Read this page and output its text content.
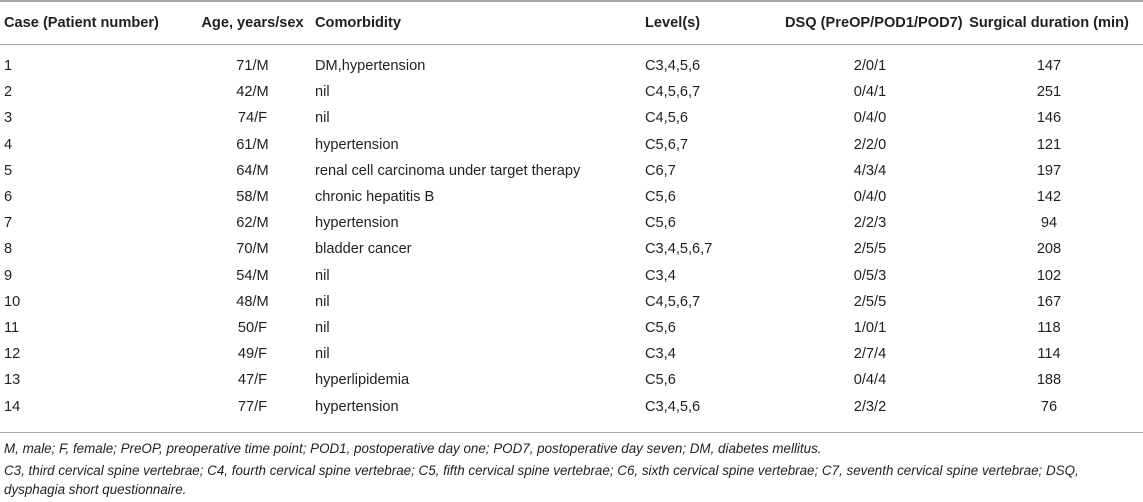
Case (Patient number)	Age, years/sex	Comorbidity	Level(s)	DSQ (PreOP/POD1/POD7)	Surgical duration (min)
1	71/M	DM,hypertension	C3,4,5,6	2/0/1	147
2	42/M	nil	C4,5,6,7	0/4/1	251
3	74/F	nil	C4,5,6	0/4/0	146
4	61/M	hypertension	C5,6,7	2/2/0	121
5	64/M	renal cell carcinoma under target therapy	C6,7	4/3/4	197
6	58/M	chronic hepatitis B	C5,6	0/4/0	142
7	62/M	hypertension	C5,6	2/2/3	94
8	70/M	bladder cancer	C3,4,5,6,7	2/5/5	208
9	54/M	nil	C3,4	0/5/3	102
10	48/M	nil	C4,5,6,7	2/5/5	167
11	50/F	nil	C5,6	1/0/1	118
12	49/F	nil	C3,4	2/7/4	114
13	47/F	hyperlipidemia	C5,6	0/4/4	188
14	77/F	hypertension	C3,4,5,6	2/3/2	76

M, male; F, female; PreOP, preoperative time point; POD1, postoperative day one; POD7, postoperative day seven; DM, diabetes mellitus.

C3, third cervical spine vertebrae; C4, fourth cervical spine vertebrae; C5, fifth cervical spine vertebrae; C6, sixth cervical spine vertebrae; C7, seventh cervical spine vertebrae; DSQ, dysphagia short questionnaire.
